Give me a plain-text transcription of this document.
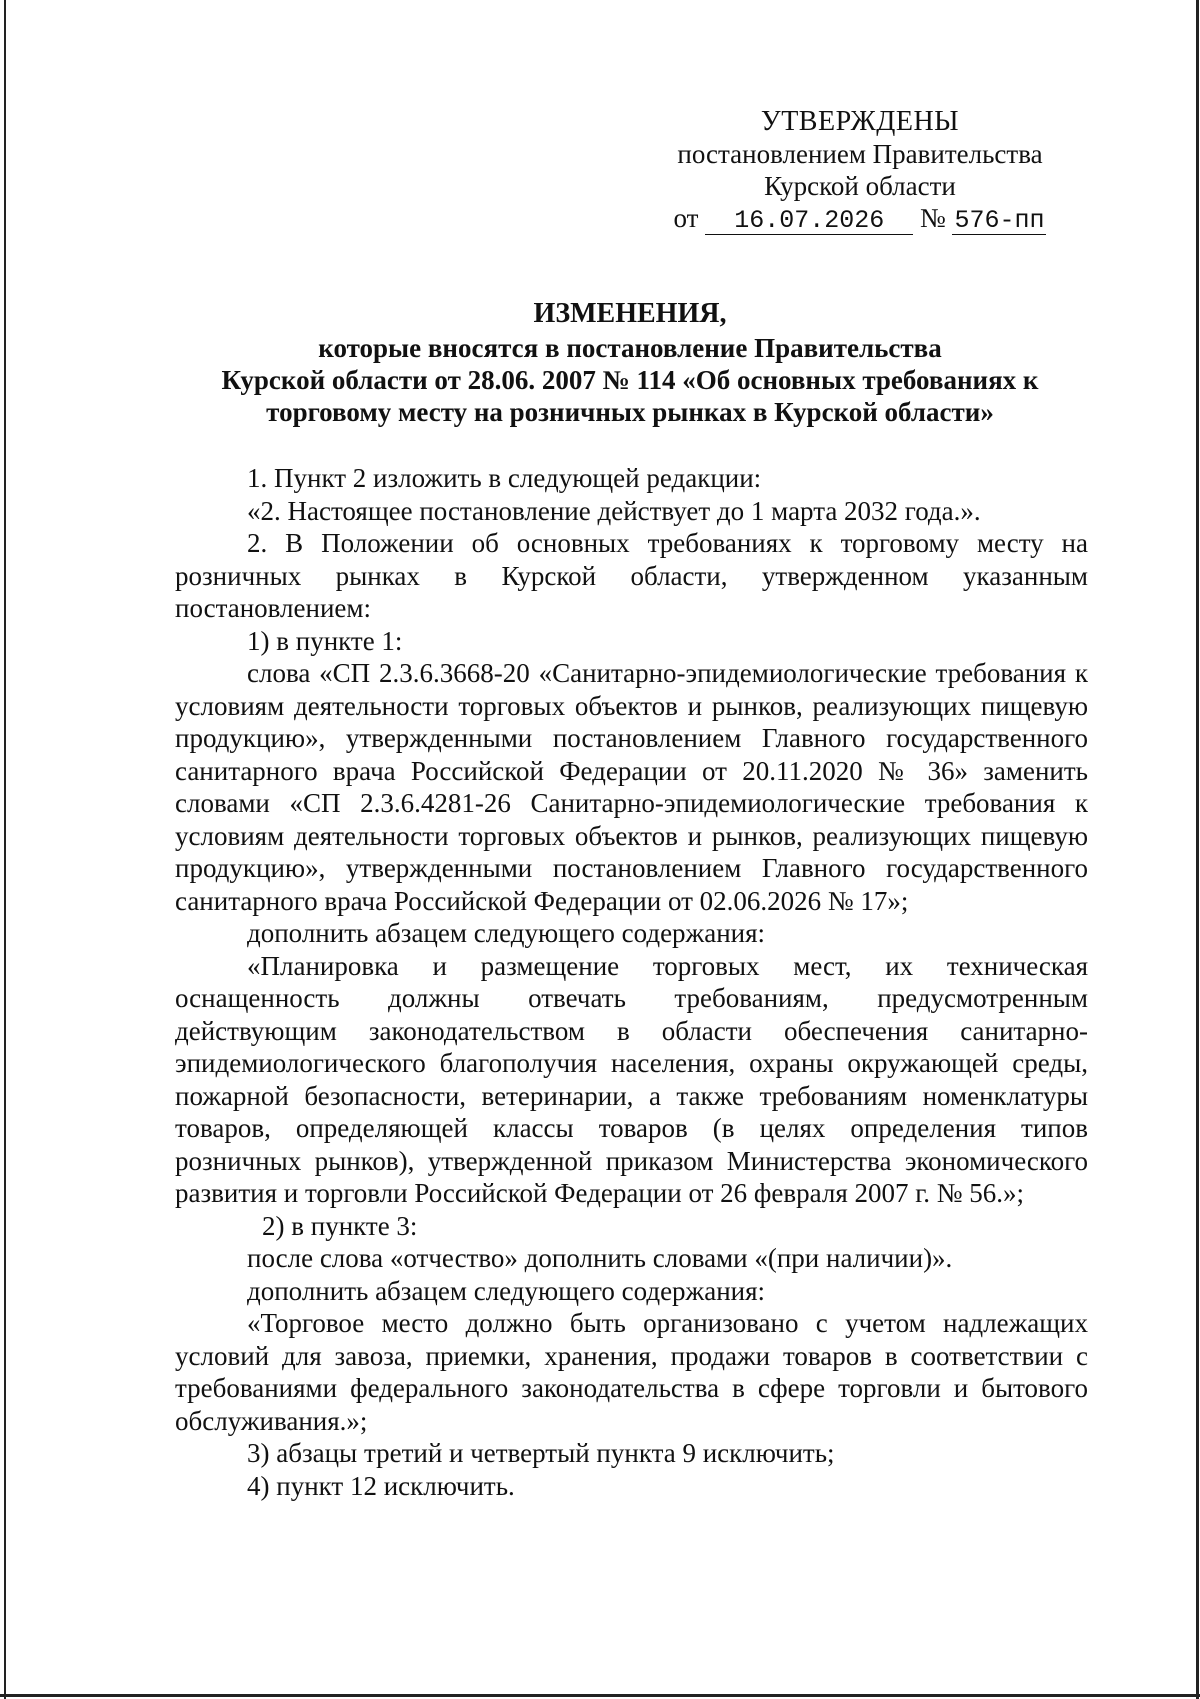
УТВЕРЖДЕНЫ
постановлением Правительства
Курской области
от 16.07.2026 № 576-пп
ИЗМЕНЕНИЯ,
которые вносятся в постановление Правительства
Курской области от 28.06. 2007 № 114 «Об основных требованиях к
торговому месту на розничных рынках в Курской области»

1. Пункт 2 изложить в следующей редакции:

«2. Настоящее постановление действует до 1 марта 2032 года.».

2. В Положении об основных требованиях к торговому месту на розничных рынках в Курской области, утвержденном указанным постановлением:

1) в пункте 1:

слова «СП 2.3.6.3668-20 «Санитарно-эпидемиологические требования к условиям деятельности торговых объектов и рынков, реализующих пищевую продукцию», утвержденными постановлением Главного государственного санитарного врача Российской Федерации от 20.11.2020 № 36» заменить словами «СП 2.3.6.4281-26 Санитарно-эпидемиологические требования к условиям деятельности торговых объектов и рынков, реализующих пищевую продукцию», утвержденными постановлением Главного государственного санитарного врача Российской Федерации от 02.06.2026 № 17»;

дополнить абзацем следующего содержания:

«Планировка и размещение торговых мест, их техническая оснащенность должны отвечать требованиям, предусмотренным действующим законодательством в области обеспечения санитарно-эпидемиологического благополучия населения, охраны окружающей среды, пожарной безопасности, ветеринарии, а также требованиям номенклатуры товаров, определяющей классы товаров (в целях определения типов розничных рынков), утвержденной приказом Министерства экономического развития и торговли Российской Федерации от 26 февраля 2007 г. № 56.»;

2) в пункте 3:

после слова «отчество» дополнить словами «(при наличии)».

дополнить абзацем следующего содержания:

«Торговое место должно быть организовано с учетом надлежащих условий для завоза, приемки, хранения, продажи товаров в соответствии с требованиями федерального законодательства в сфере торговли и бытового обслуживания.»;

3) абзацы третий и четвертый пункта 9 исключить;

4) пункт 12 исключить.
